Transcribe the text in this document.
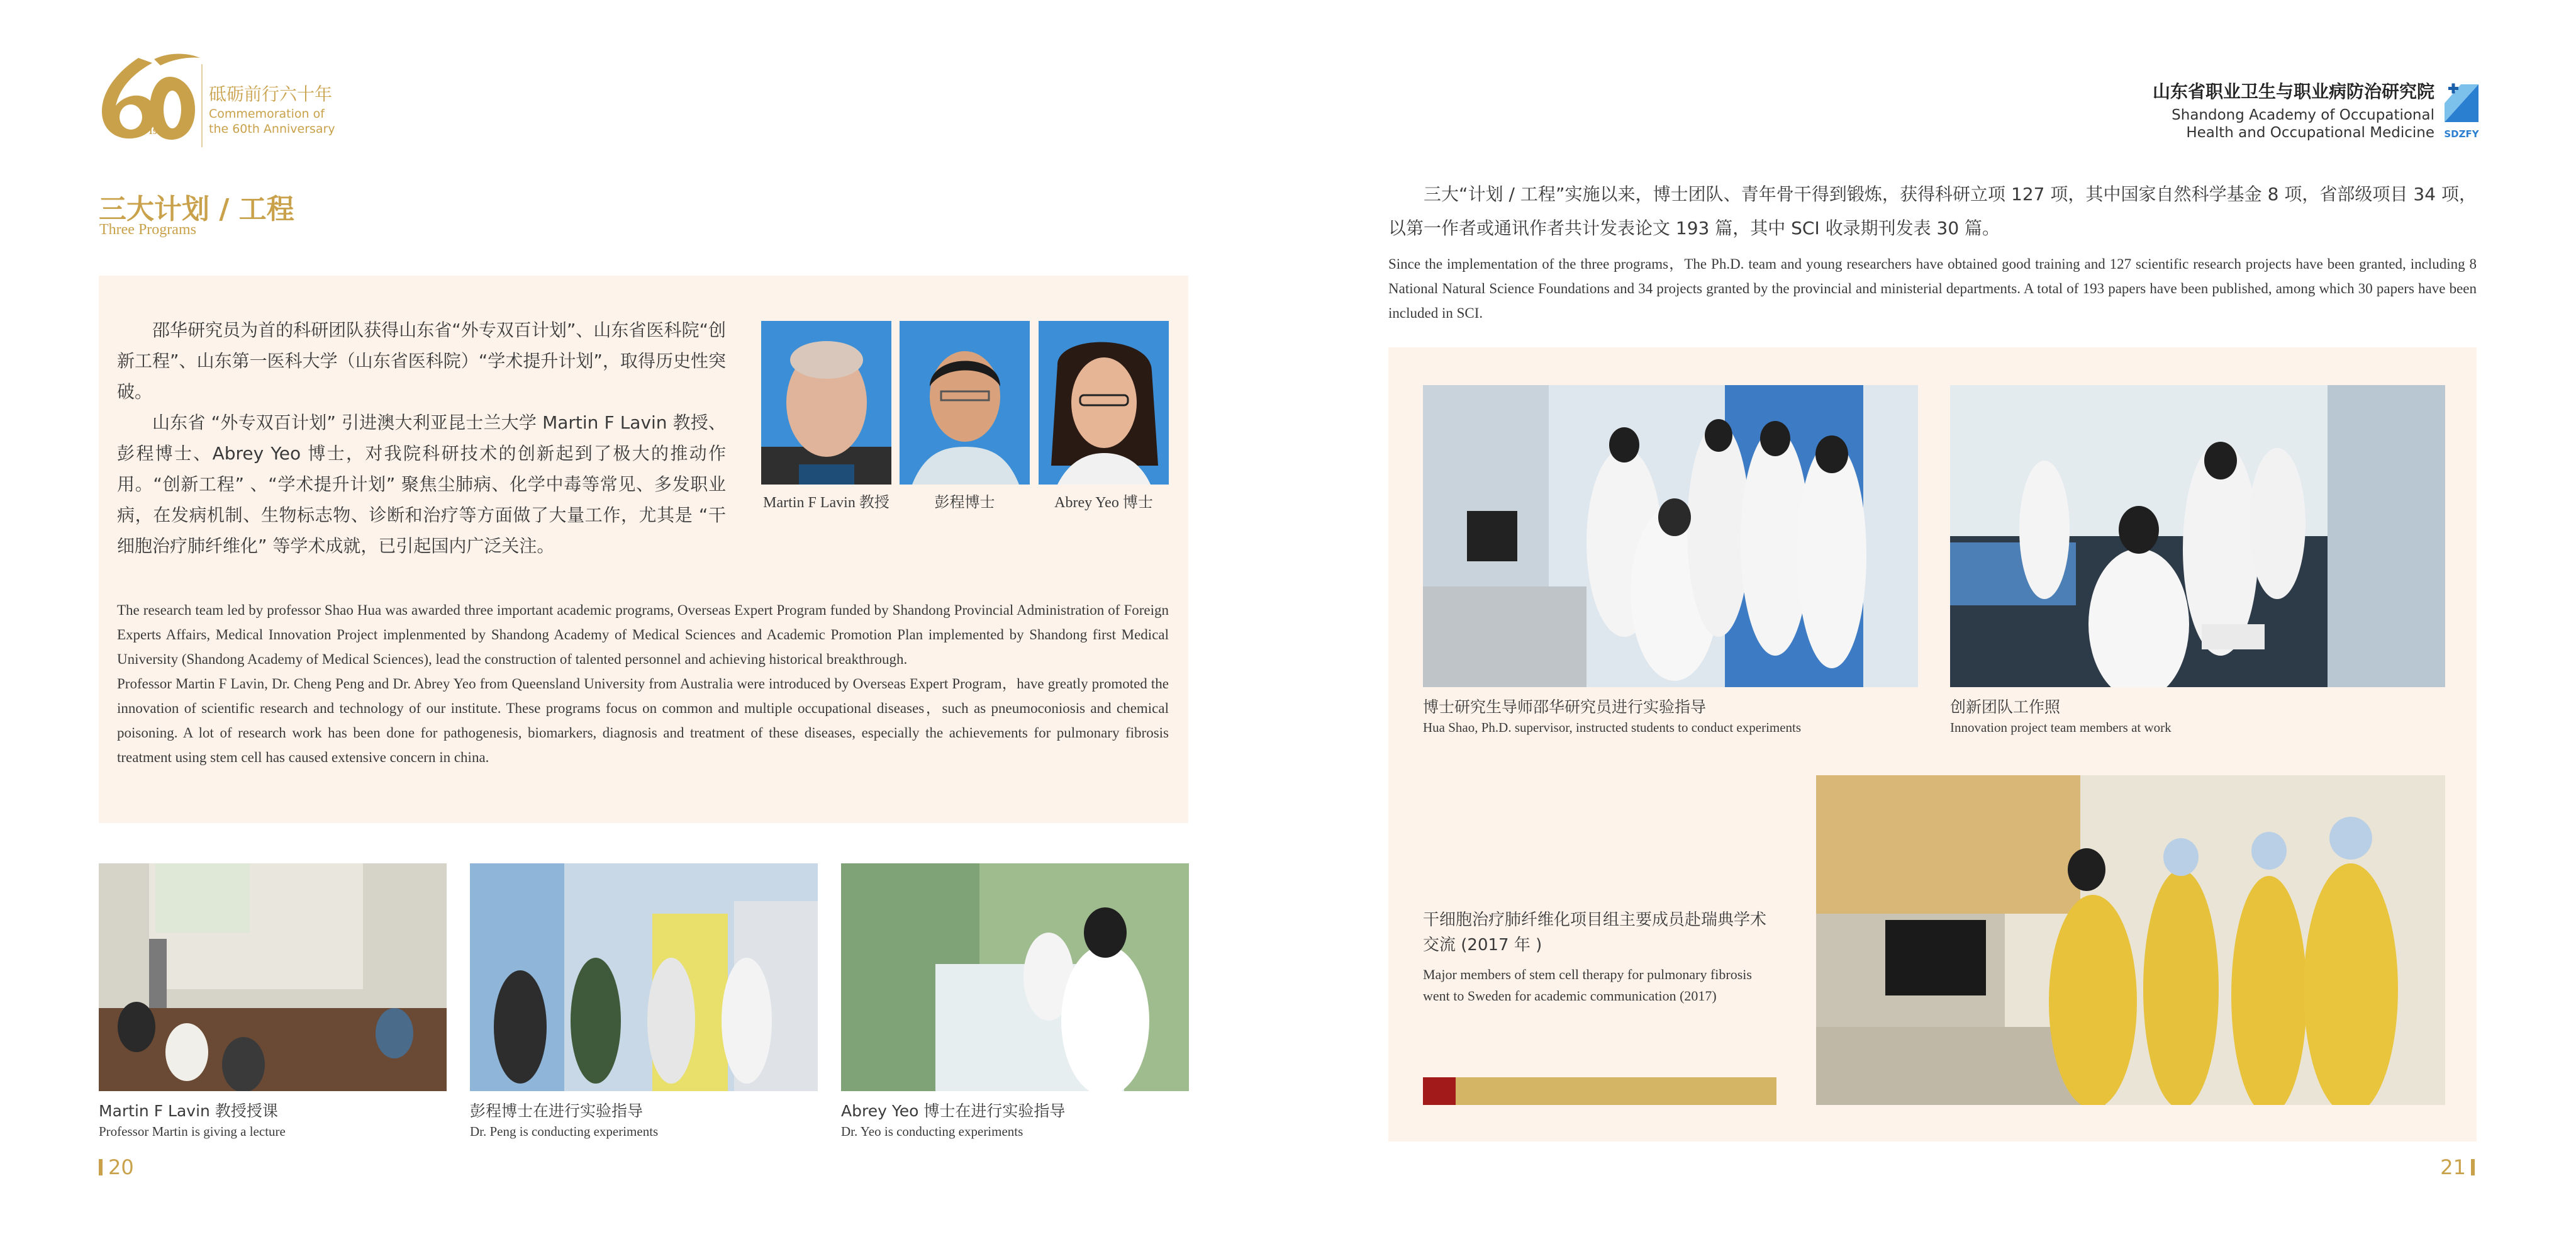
1959-2019
砥砺前行六十年
Commemoration of
the 60th Anniversary
三大计划 / 工程
Three Programs

邵华研究员为首的科研团队获得山东省“外专双百计划”、山东省医科院“创新工程”、山东第一医科大学（山东省医科院）“学术提升计划”，取得历史性突破。

山东省 “外专双百计划” 引进澳大利亚昆士兰大学 Martin F Lavin 教授、彭程博士、Abrey Yeo 博士，对我院科研技术的创新起到了极大的推动作用。“创新工程” 、“学术提升计划” 聚焦尘肺病、化学中毒等常见、多发职业病，在发病机制、生物标志物、诊断和治疗等方面做了大量工作，尤其是 “干细胞治疗肺纤维化” 等学术成就，已引起国内广泛关注。

Martin F Lavin 教授	彭程博士	Abrey Yeo 博士

The research team led by professor Shao Hua was awarded three important academic programs, Overseas Expert Program funded by Shandong Provincial Administration of Foreign Experts Affairs, Medical Innovation Project implenmented by Shandong Academy of Medical Sciences and Academic Promotion Plan implemented by Shandong first Medical University (Shandong Academy of Medical Sciences), lead the construction of talented personnel and achieving historical breakthrough.

Professor Martin F Lavin, Dr. Cheng Peng and Dr. Abrey Yeo from Queensland University from Australia were introduced by Overseas Expert Program，have greatly promoted the innovation of scientific research and technology of our institute. These programs focus on common and multiple occupational diseases，such as pneumoconiosis and chemical poisoning. A lot of research work has been done for pathogenesis, biomarkers, diagnosis and treatment of these diseases, especially the achievements for pulmonary fibrosis treatment using stem cell has caused extensive concern in china.

Martin F Lavin 教授授课
Professor Martin is giving a lecture
彭程博士在进行实验指导
Dr. Peng is conducting experiments
Abrey Yeo 博士在进行实验指导
Dr. Yeo is conducting experiments
20
山东省职业卫生与职业病防治研究院
Shandong Academy of Occupational
Health and Occupational Medicine SDZFY

三大“计划 / 工程”实施以来，博士团队、青年骨干得到锻炼，获得科研立项 127 项，其中国家自然科学基金 8 项，省部级项目 34 项，以第一作者或通讯作者共计发表论文 193 篇，其中 SCI 收录期刊发表 30 篇。

Since the implementation of the three programs，The Ph.D. team and young researchers have obtained good training and 127 scientific research projects have been granted, including 8 National Natural Science Foundations and 34 projects granted by the provincial and ministerial departments. A total of 193 papers have been published, among which 30 papers have been included in SCI.

博士研究生导师邵华研究员进行实验指导
Hua Shao, Ph.D. supervisor, instructed students to conduct experiments
创新团队工作照
Innovation project team members at work
干细胞治疗肺纤维化项目组主要成员赴瑞典学术交流 (2017 年 )
Major members of stem cell therapy for pulmonary fibrosis went to Sweden for academic communication (2017)
21
